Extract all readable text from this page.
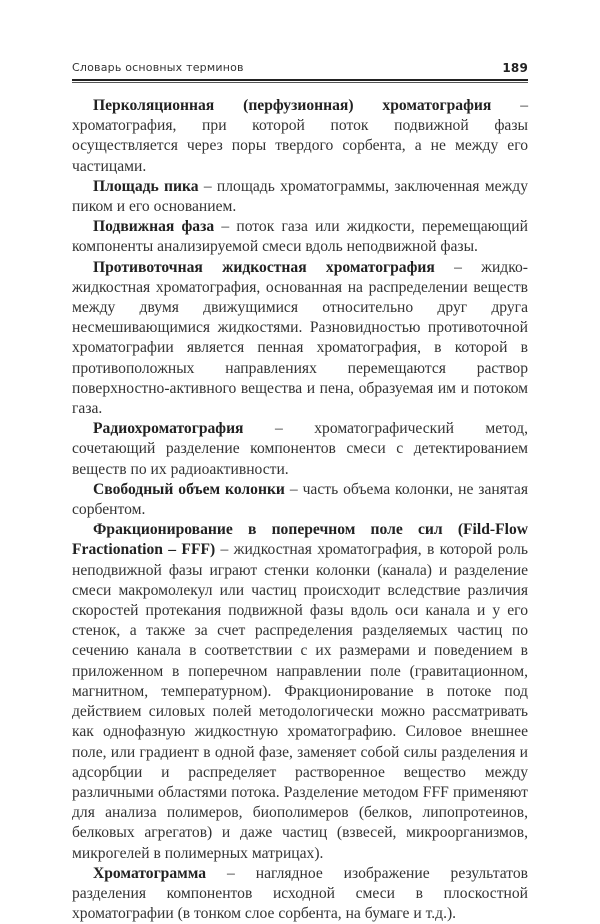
Словарь основных терминов	189

Перколяционная (перфузионная) хроматография – хроматография, при которой поток подвижной фазы осуществляется через поры твердого сорбента, а не между его частицами.

Площадь пика – площадь хроматограммы, заключенная между пиком и его основанием.

Подвижная фаза – поток газа или жидкости, перемещающий компоненты анализируемой смеси вдоль неподвижной фазы.

Противоточная жидкостная хроматография – жидко-жидкостная хроматография, основанная на распределении веществ между двумя движущимися относительно друг друга несмешивающимися жидкостями. Разновидностью противоточной хроматографии является пенная хроматография, в которой в противоположных направлениях перемещаются раствор поверхностно-активного вещества и пена, образуемая им и потоком газа.

Радиохроматография – хроматографический метод, сочетающий разделение компонентов смеси с детектированием веществ по их радиоактивности.

Свободный объем колонки – часть объема колонки, не занятая сорбентом.

Фракционирование в поперечном поле сил (Fild-Flow Fractionation – FFF) – жидкостная хроматография, в которой роль неподвижной фазы играют стенки колонки (канала) и разделение смеси макромолекул или частиц происходит вследствие различия скоростей протекания подвижной фазы вдоль оси канала и у его стенок, а также за счет распределения разделяемых частиц по сечению канала в соответствии с их размерами и поведением в приложенном в поперечном направлении поле (гравитационном, магнитном, температурном). Фракционирование в потоке под действием силовых полей методологически можно рассматривать как однофазную жидкостную хроматографию. Силовое внешнее поле, или градиент в одной фазе, заменяет собой силы разделения и адсорбции и распределяет растворенное вещество между различными областями потока. Разделение методом FFF применяют для анализа полимеров, биополимеров (белков, липопротеинов, белковых агрегатов) и даже частиц (взвесей, микроорганизмов, микрогелей в полимерных матрицах).

Хроматограмма – наглядное изображение результатов разделения компонентов исходной смеси в плоскостной хроматографии (в тонком слое сорбента, на бумаге и т.д.).
